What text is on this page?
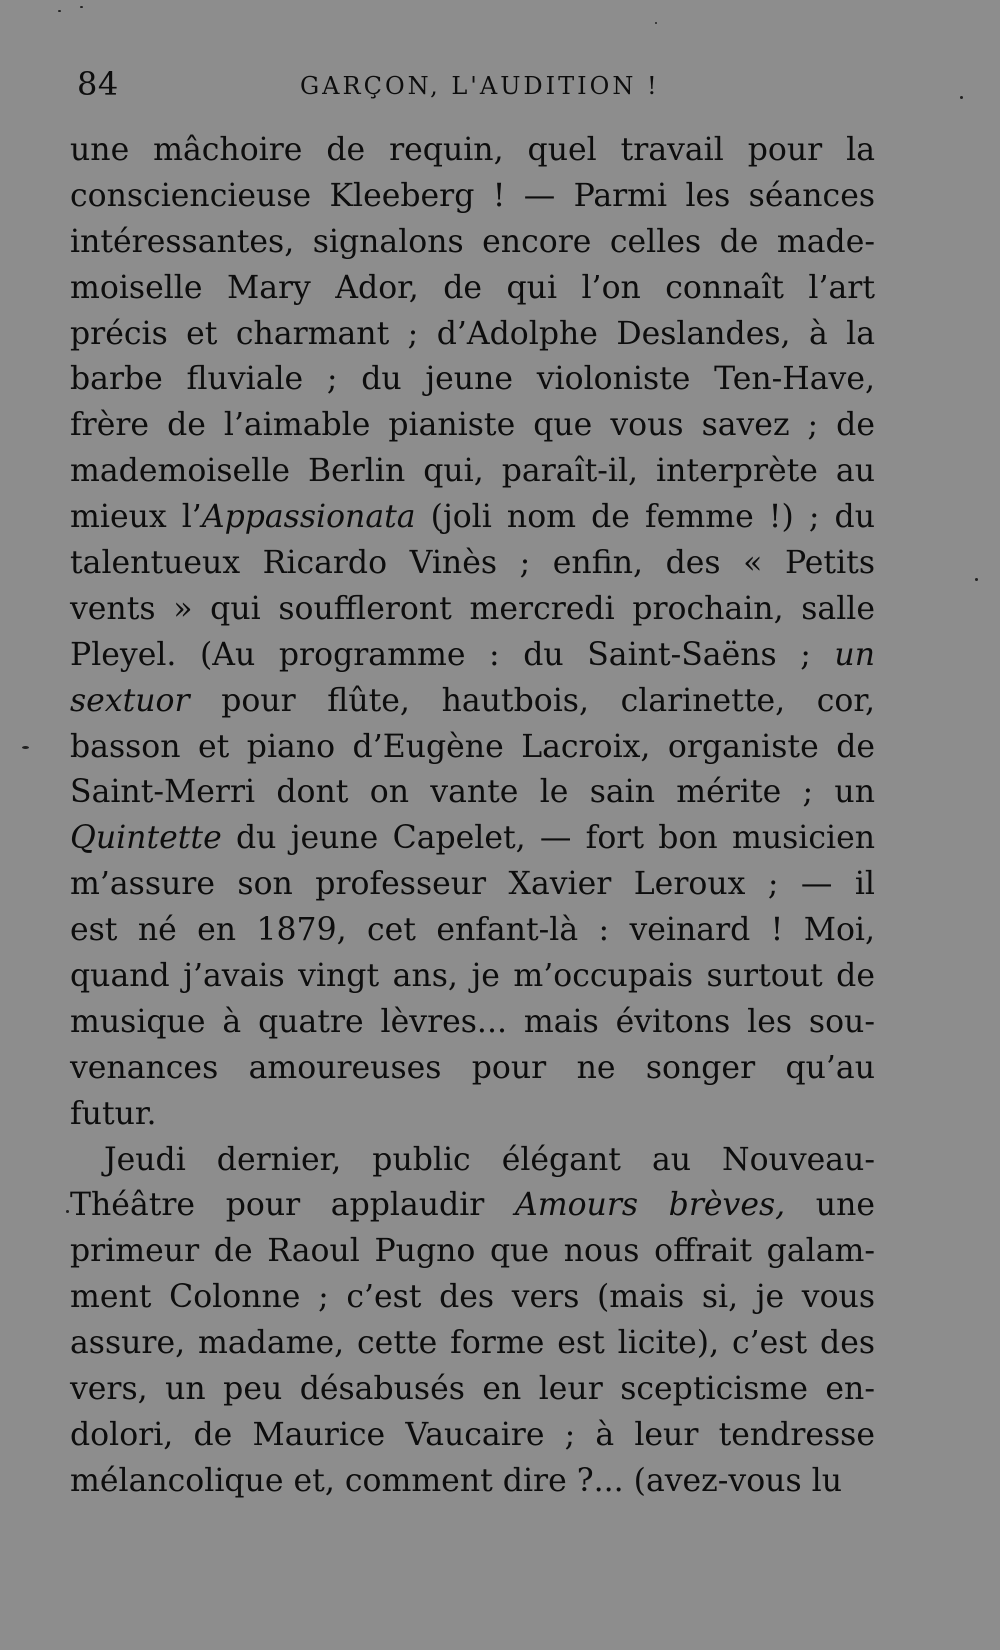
84	GARÇON, L'AUDITION !
une mâchoire de requin, quel travail pour la
consciencieuse Kleeberg ! — Parmi les séances
intéressantes, signalons encore celles de made-
moiselle Mary Ador, de qui l’on connaît l’art
précis et charmant ; d’Adolphe Deslandes, à la
barbe fluviale ; du jeune violoniste Ten-Have,
frère de l’aimable pianiste que vous savez ; de
mademoiselle Berlin qui, paraît-il, interprète au
mieux l’Appassionata (joli nom de femme !) ; du
talentueux Ricardo Vinès ; enfin, des « Petits
vents » qui souffleront mercredi prochain, salle
Pleyel. (Au programme : du Saint-Saëns ; un
sextuor pour flûte, hautbois, clarinette, cor,
basson et piano d’Eugène Lacroix, organiste de
Saint-Merri dont on vante le sain mérite ; un
Quintette du jeune Capelet, — fort bon musicien
m’assure son professeur Xavier Leroux ; — il
est né en 1879, cet enfant-là : veinard ! Moi,
quand j’avais vingt ans, je m’occupais surtout de
musique à quatre lèvres... mais évitons les sou-
venances amoureuses pour ne songer qu’au
futur.
Jeudi dernier, public élégant au Nouveau-
Théâtre pour applaudir Amours brèves, une
primeur de Raoul Pugno que nous offrait galam-
ment Colonne ; c’est des vers (mais si, je vous
assure, madame, cette forme est licite), c’est des
vers, un peu désabusés en leur scepticisme en-
dolori, de Maurice Vaucaire ; à leur tendresse
mélancolique et, comment dire ?... (avez-vous lu
